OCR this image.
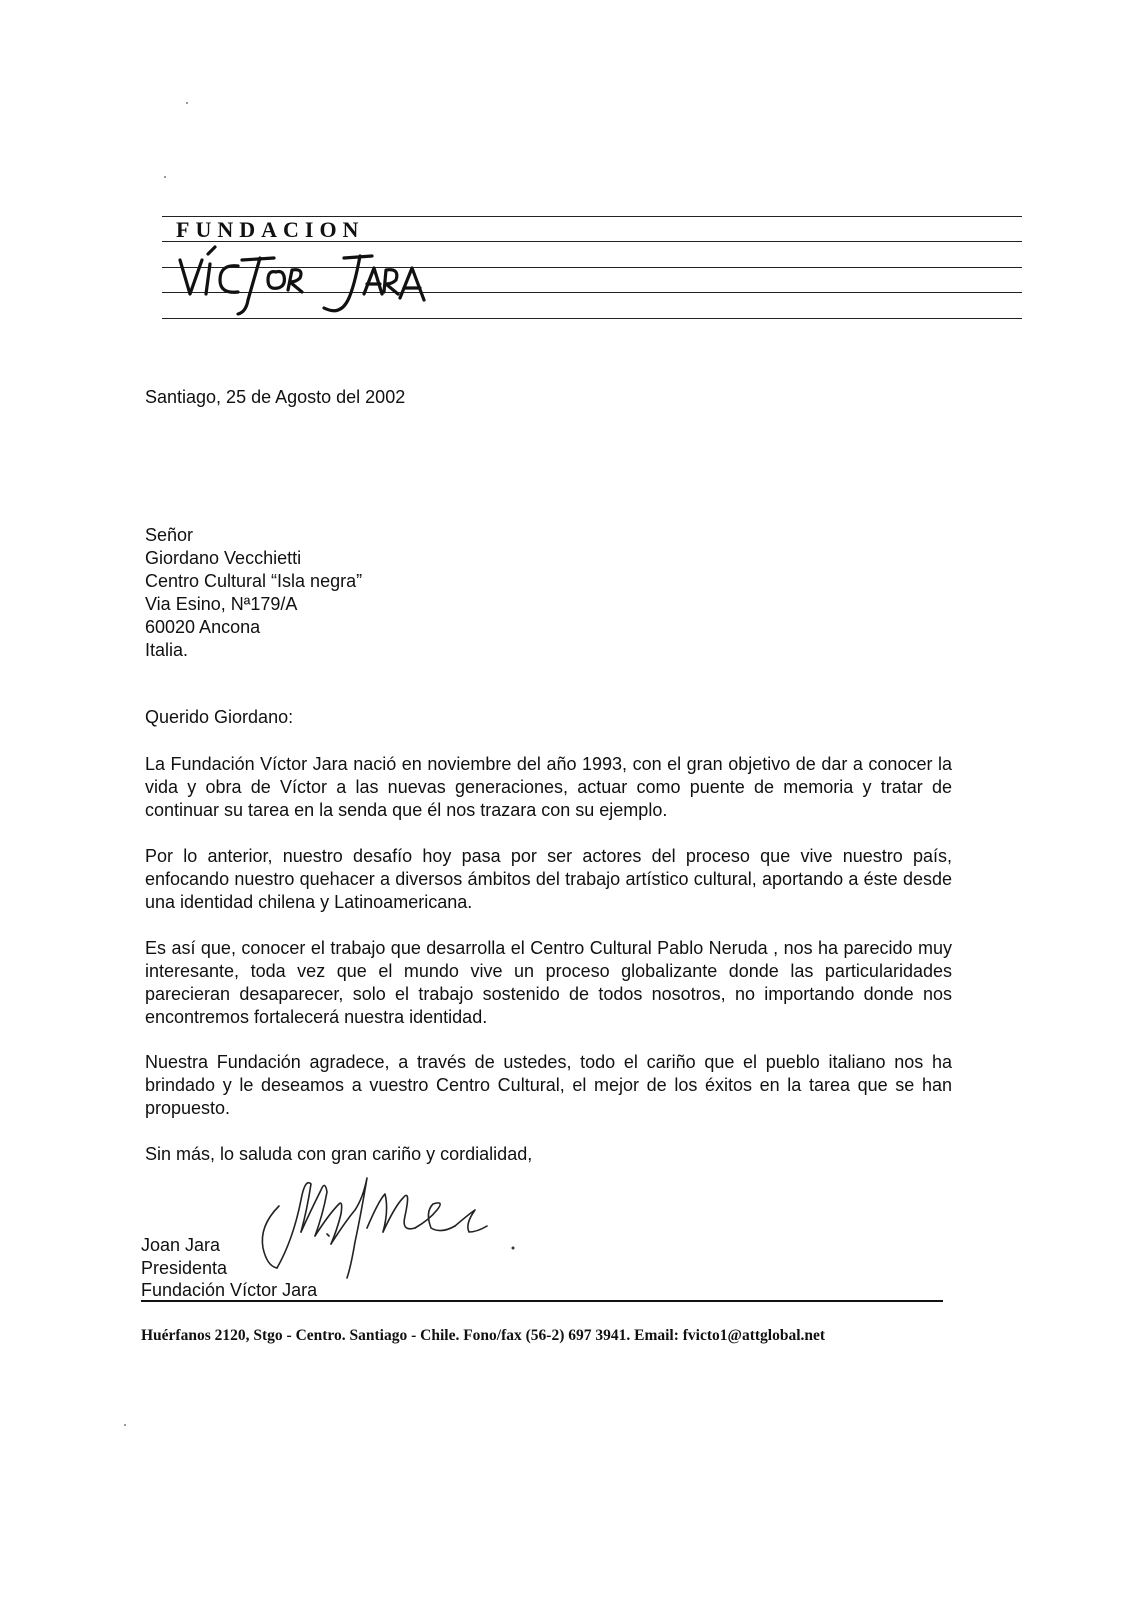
FUNDACION

Santiago, 25 de Agosto del 2002

Señor
Giordano Vecchietti
Centro Cultural “Isla negra”
Via Esino, Nª179/A
60020 Ancona
Italia.

Querido Giordano:

La Fundación Víctor Jara nació en noviembre del año 1993, con el gran objetivo de dar a conocer la vida y obra de Víctor a las nuevas generaciones, actuar como puente de memoria y tratar de continuar su tarea en la senda que él nos trazara con su ejemplo.

Por lo anterior, nuestro desafío hoy pasa por ser actores del proceso que vive nuestro país, enfocando nuestro quehacer a diversos ámbitos del trabajo artístico cultural, aportando a éste desde una identidad chilena y Latinoamericana.

Es así que, conocer el trabajo que desarrolla el Centro Cultural Pablo Neruda , nos ha parecido muy interesante, toda vez que el mundo vive un proceso globalizante donde las particularidades parecieran desaparecer, solo el trabajo sostenido de todos nosotros, no importando donde nos encontremos fortalecerá nuestra identidad.

Nuestra Fundación agradece, a través de ustedes, todo el cariño que el pueblo italiano nos ha brindado y le deseamos a vuestro Centro Cultural, el mejor de los éxitos en la tarea que se han propuesto.

Sin más, lo saluda con gran cariño y cordialidad,

Joan Jara
Presidenta
Fundación Víctor Jara

Huérfanos 2120, Stgo - Centro. Santiago - Chile. Fono/fax (56-2) 697 3941. Email: fvicto1@attglobal.net
